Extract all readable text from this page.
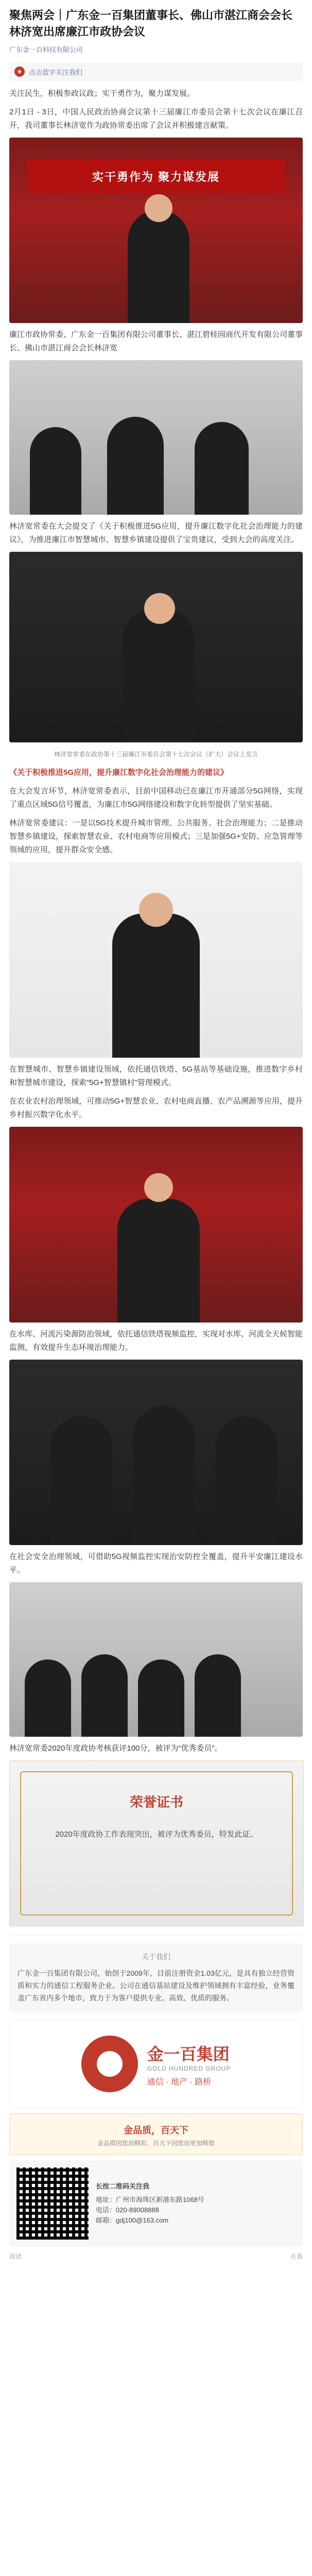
聚焦两会｜广东金一百集团董事长、佛山市湛江商会会长林济宽出席廉江市政协会议
广东金一百科技有限公司
★ 点击蓝字关注我们

关注民生，积极参政议政；实干勇作为，聚力谋发展。

2月1日 - 3日，中国人民政治协商会议第十三届廉江市委员会第十七次会议在廉江召开，我司董事长林济宽作为政协常委出席了会议并积极建言献策。

实干勇作为 聚力谋发展

廉江市政协常委、广东金一百集团有限公司董事长、湛江碧桂园商代开发有限公司董事长、佛山市湛江商会会长林济宽

林济宽常委在大会提交了《关于积极推进5G应用，提升廉江数字化社会治理能力的建议》，为推进廉江市智慧城市、智慧乡镇建设提供了宝贵建议，受到大会的高度关注。

林济宽常委在政协第十三届廉江市委员会第十七次会议（扩大）会议上发言

《关于积极推进5G应用，提升廉江数字化社会治理能力的建议》

在大会发言环节，林济宽常委表示，目前中国移动已在廉江市开通部分5G网络，实现了重点区域5G信号覆盖，为廉江市5G网络建设和数字化转型提供了坚实基础。

林济宽常委建议：一是以5G技术提升城市管理、公共服务、社会治理能力；二是推动智慧乡镇建设，探索智慧农业、农村电商等应用模式；三是加强5G+安防、应急管理等领域的应用，提升群众安全感。

在智慧城市、智慧乡镇建设领域，依托通信铁塔、5G基站等基础设施，推进数字乡村和智慧城市建设，探索“5G+智慧镇村”管理模式。

在农业农村治理领域，可推动5G+智慧农业、农村电商直播、农产品溯源等应用，提升乡村振兴数字化水平。

在水库、河流污染源防治领域，依托通信铁塔视频监控，实现对水库、河流全天候智能监测，有效提升生态环境治理能力。

在社会安全治理领域，可借助5G视频监控实现治安防控全覆盖，提升平安廉江建设水平。

林济宽常委2020年度政协考核获评100分，被评为“优秀委员”。

荣誉证书
2020年度政协工作表现突出，被评为优秀委员，特发此证。
关于我们
广东金一百集团有限公司，始创于2009年，目前注册资金1.03亿元，是具有独立经营资质和实力的通信工程服务企业。公司在通信基站建设及维护领域拥有丰富经验，业务覆盖广东省内多个地市，致力于为客户提供专业、高效、优质的服务。
金一百集团
GOLD HUNDRED GROUP
通信 · 地产 · 路桥
金品质，百天下
金品质因您而精彩，百天下因您而更加辉煌
长按二维码关注我
地址：广州市海珠区新港东路1068号
电话：020-89008888
邮箱：gdj100@163.com
阅读	在看
